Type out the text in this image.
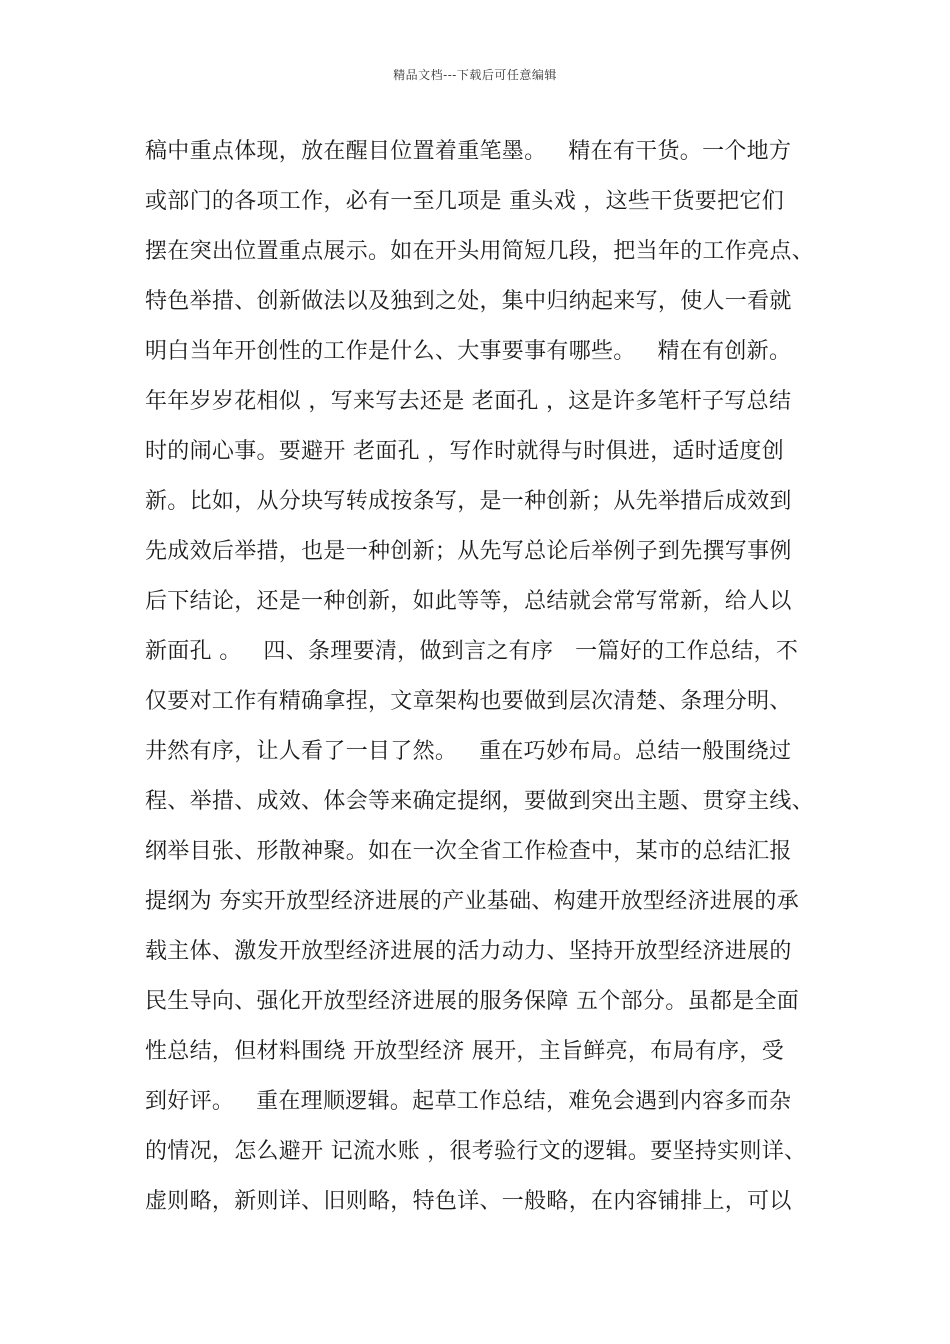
精品文档---下载后可任意编辑
稿中重点体现，放在醒目位置着重笔墨。   精在有干货。一个地方
或部门的各项工作，必有一至几项是 重头戏 ，这些干货要把它们
摆在突出位置重点展示。如在开头用简短几段，把当年的工作亮点、
特色举措、创新做法以及独到之处，集中归纳起来写，使人一看就
明白当年开创性的工作是什么、大事要事有哪些。   精在有创新。
年年岁岁花相似 ，写来写去还是 老面孔 ，这是许多笔杆子写总结
时的闹心事。要避开 老面孔 ，写作时就得与时俱进，适时适度创
新。比如，从分块写转成按条写，是一种创新；从先举措后成效到
先成效后举措，也是一种创新；从先写总论后举例子到先撰写事例
后下结论，还是一种创新，如此等等，总结就会常写常新，给人以
新面孔 。   四、条理要清，做到言之有序   一篇好的工作总结，不
仅要对工作有精确拿捏，文章架构也要做到层次清楚、条理分明、
井然有序，让人看了一目了然。   重在巧妙布局。总结一般围绕过
程、举措、成效、体会等来确定提纲，要做到突出主题、贯穿主线、
纲举目张、形散神聚。如在一次全省工作检查中，某市的总结汇报
提纲为 夯实开放型经济进展的产业基础、构建开放型经济进展的承
载主体、激发开放型经济进展的活力动力、坚持开放型经济进展的
民生导向、强化开放型经济进展的服务保障 五个部分。虽都是全面
性总结，但材料围绕 开放型经济 展开，主旨鲜亮，布局有序，受
到好评。   重在理顺逻辑。起草工作总结，难免会遇到内容多而杂
的情况，怎么避开 记流水账 ，很考验行文的逻辑。要坚持实则详、
虚则略，新则详、旧则略，特色详、一般略，在内容铺排上，可以
